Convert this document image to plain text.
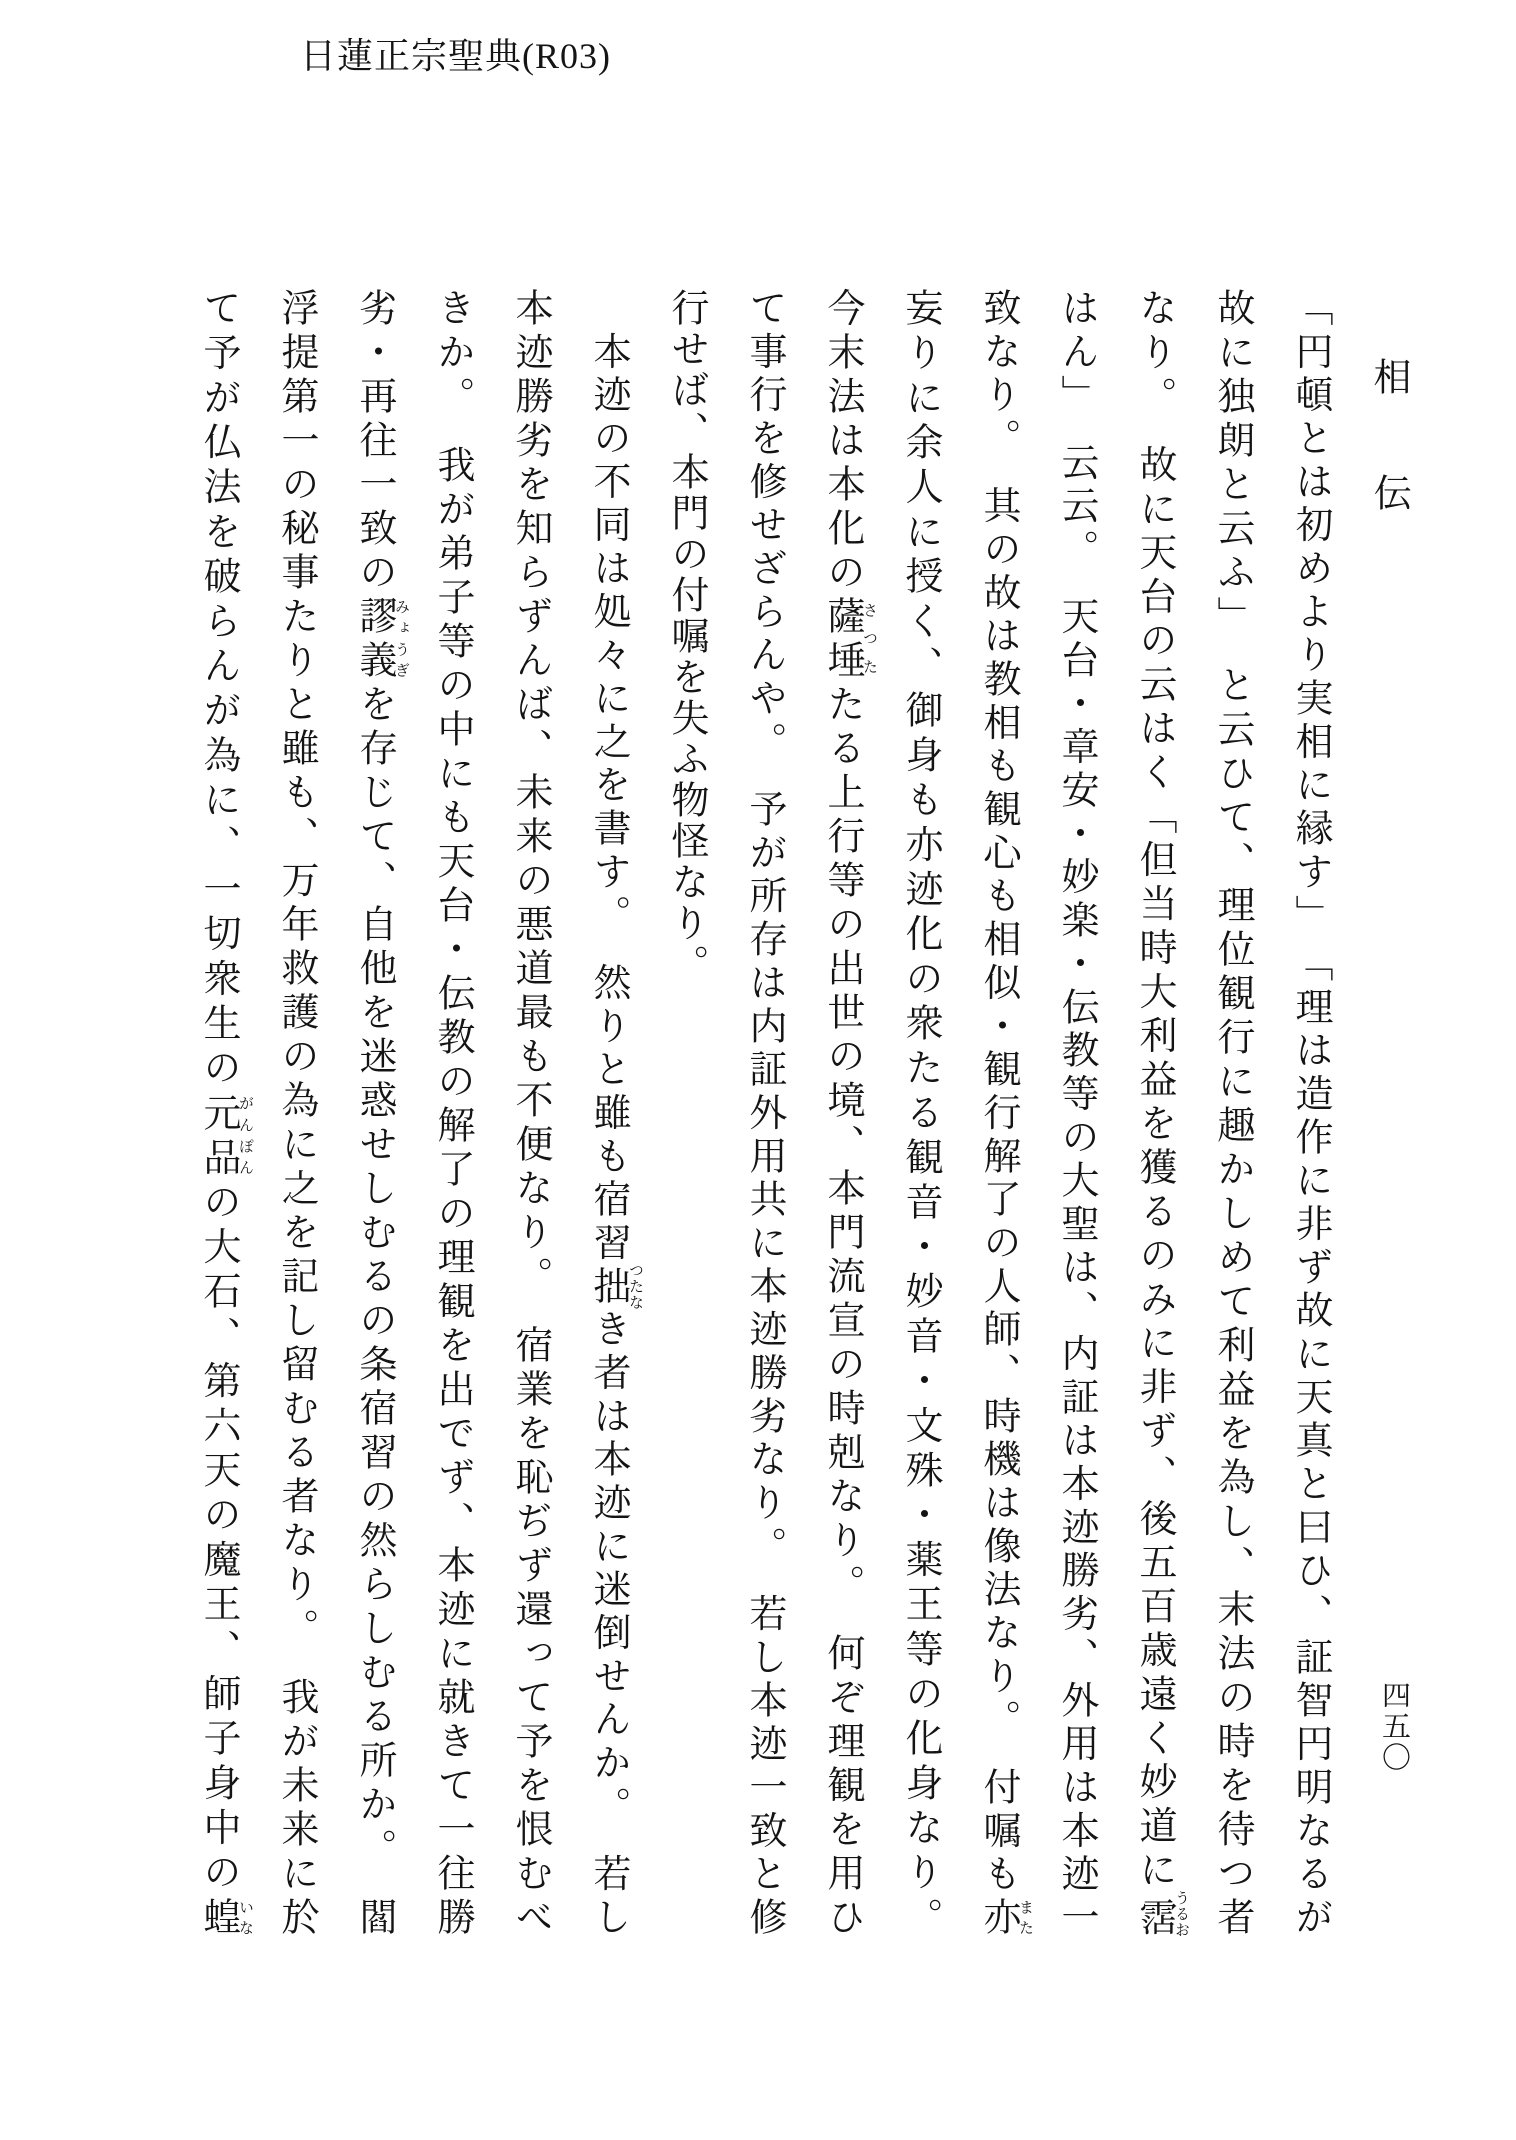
日蓮正宗聖典(R03)
相伝
「円頓とは初めより実相に縁す」　「理は造作に非ず故に天真と曰ひ、証智円明なるが
故に独朗と云ふ」　と云ひて、理位観行に趣かしめて利益を為し、末法の時を待つ者
なり。　故に天台の云はく「但当時大利益を獲るのみに非ず、後五百歳遠く妙道に霑うるお
はん」　云云。　天台・章安・妙楽・伝教等の大聖は、内証は本迹勝劣、外用は本迹一
致なり。　其の故は教相も観心も相似・観行解了の人師、時機は像法なり。　付嘱も亦また
妄りに余人に授く、御身も亦迹化の衆たる観音・妙音・文殊・薬王等の化身なり。
今末法は本化の薩埵さつたたる上行等の出世の境、本門流宣の時剋なり。　何ぞ理観を用ひ
て事行を修せざらんや。　予が所存は内証外用共に本迹勝劣なり。　若し本迹一致と修
行せば、本門の付嘱を失ふ物怪なり。
　本迹の不同は処々に之を書す。　然りと雖も宿習拙つたなき者は本迹に迷倒せんか。　若し
本迹勝劣を知らずんば、未来の悪道最も不便なり。　宿業を恥ぢず還って予を恨むべ
きか。　我が弟子等の中にも天台・伝教の解了の理観を出でず、本迹に就きて一往勝
劣・再往一致の謬義みょうぎを存じて、自他を迷惑せしむるの条宿習の然らしむる所か。　閻
浮提第一の秘事たりと雖も、万年救護の為に之を記し留むる者なり。　我が未来に於
て予が仏法を破らんが為に、一切衆生の元品がんぽんの大石、第六天の魔王、師子身中の蝗いな
四五〇
